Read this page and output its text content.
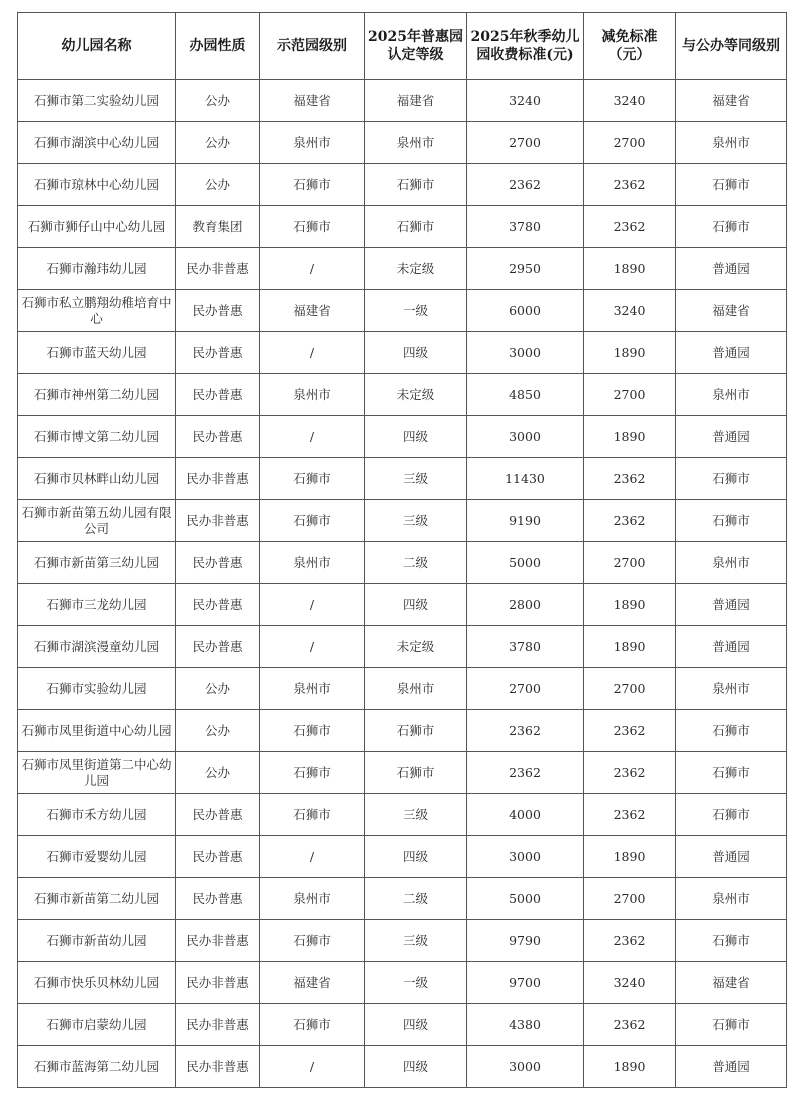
幼儿园名称	办园性质	示范园级别	2025年普惠园认定等级	2025年秋季幼儿园收费标准(元)	减免标准（元）	与公办等同级别
石狮市第二实验幼儿园	公办	福建省	福建省	3240	3240	福建省
石狮市湖滨中心幼儿园	公办	泉州市	泉州市	2700	2700	泉州市
石狮市琼林中心幼儿园	公办	石狮市	石狮市	2362	2362	石狮市
石狮市狮仔山中心幼儿园	教育集团	石狮市	石狮市	3780	2362	石狮市
石狮市瀚玮幼儿园	民办非普惠	/	未定级	2950	1890	普通园
石狮市私立鹏翔幼稚培育中心	民办普惠	福建省	一级	6000	3240	福建省
石狮市蓝天幼儿园	民办普惠	/	四级	3000	1890	普通园
石狮市神州第二幼儿园	民办普惠	泉州市	未定级	4850	2700	泉州市
石狮市博文第二幼儿园	民办普惠	/	四级	3000	1890	普通园
石狮市贝林畔山幼儿园	民办非普惠	石狮市	三级	11430	2362	石狮市
石狮市新苗第五幼儿园有限公司	民办非普惠	石狮市	三级	9190	2362	石狮市
石狮市新苗第三幼儿园	民办普惠	泉州市	二级	5000	2700	泉州市
石狮市三龙幼儿园	民办普惠	/	四级	2800	1890	普通园
石狮市湖滨漫童幼儿园	民办普惠	/	未定级	3780	1890	普通园
石狮市实验幼儿园	公办	泉州市	泉州市	2700	2700	泉州市
石狮市凤里街道中心幼儿园	公办	石狮市	石狮市	2362	2362	石狮市
石狮市凤里街道第二中心幼儿园	公办	石狮市	石狮市	2362	2362	石狮市
石狮市禾方幼儿园	民办普惠	石狮市	三级	4000	2362	石狮市
石狮市爱婴幼儿园	民办普惠	/	四级	3000	1890	普通园
石狮市新苗第二幼儿园	民办普惠	泉州市	二级	5000	2700	泉州市
石狮市新苗幼儿园	民办非普惠	石狮市	三级	9790	2362	石狮市
石狮市快乐贝林幼儿园	民办非普惠	福建省	一级	9700	3240	福建省
石狮市启蒙幼儿园	民办非普惠	石狮市	四级	4380	2362	石狮市
石狮市蓝海第二幼儿园	民办非普惠	/	四级	3000	1890	普通园
